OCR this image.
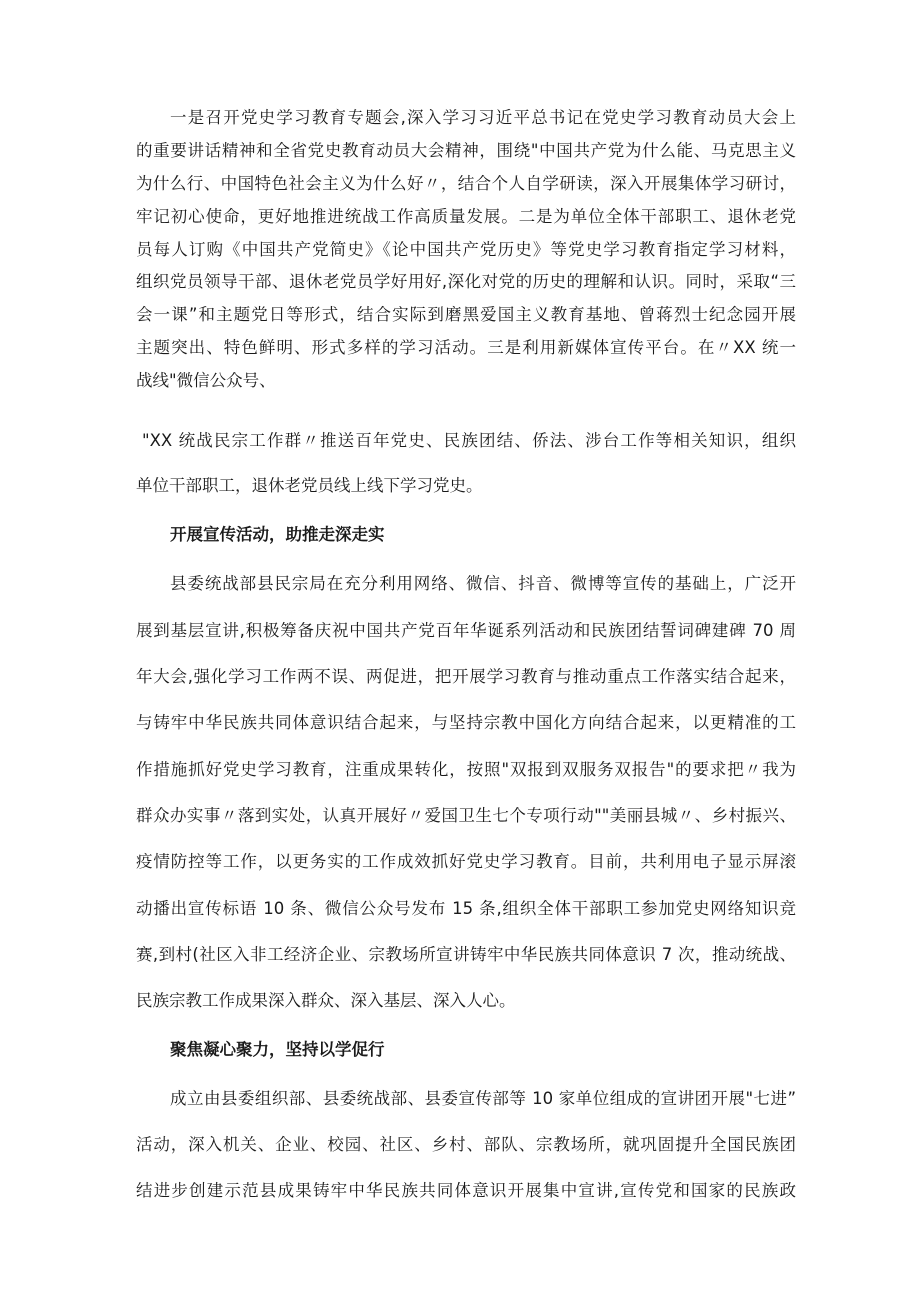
一是召开党史学习教育专题会,深入学习习近平总书记在党史学习教育动员大会上
的重要讲话精神和全省党史教育动员大会精神，围绕"中国共产党为什么能、马克思主义
为什么行、中国特色社会主义为什么好〃，结合个人自学研读，深入开展集体学习研讨，
牢记初心使命，更好地推进统战工作高质量发展。二是为单位全体干部职工、退休老党
员每人订购《中国共产党简史》《论中国共产党历史》等党史学习教育指定学习材料，
组织党员领导干部、退休老党员学好用好,深化对党的历史的理解和认识。同时，采取“三
会一课”和主题党日等形式，结合实际到磨黑爱国主义教育基地、曾蒋烈士纪念园开展
主题突出、特色鲜明、形式多样的学习活动。三是利用新媒体宣传平台。在〃XX 统一
战线"微信公众号、
"XX 统战民宗工作群〃推送百年党史、民族团结、侨法、涉台工作等相关知识，组织
单位干部职工，退休老党员线上线下学习党史。
开展宣传活动，助推走深走实
县委统战部县民宗局在充分利用网络、微信、抖音、微博等宣传的基础上，广泛开
展到基层宣讲,积极筹备庆祝中国共产党百年华诞系列活动和民族团结誓词碑建碑 70 周
年大会,强化学习工作两不误、两促进，把开展学习教育与推动重点工作落实结合起来，
与铸牢中华民族共同体意识结合起来，与坚持宗教中国化方向结合起来，以更精准的工
作措施抓好党史学习教育，注重成果转化，按照"双报到双服务双报告"的要求把〃我为
群众办实事〃落到实处，认真开展好〃爱国卫生七个专项行动""美丽县城〃、乡村振兴、
疫情防控等工作，以更务实的工作成效抓好党史学习教育。目前，共利用电子显示屏滚
动播出宣传标语 10 条、微信公众号发布 15 条,组织全体干部职工参加党史网络知识竞
赛,到村(社区入非工经济企业、宗教场所宣讲铸牢中华民族共同体意识 7 次，推动统战、
民族宗教工作成果深入群众、深入基层、深入人心。
聚焦凝心聚力，坚持以学促行
成立由县委组织部、县委统战部、县委宣传部等 10 家单位组成的宣讲团开展"七进”
活动，深入机关、企业、校园、社区、乡村、部队、宗教场所，就巩固提升全国民族团
结进步创建示范县成果铸牢中华民族共同体意识开展集中宣讲,宣传党和国家的民族政
